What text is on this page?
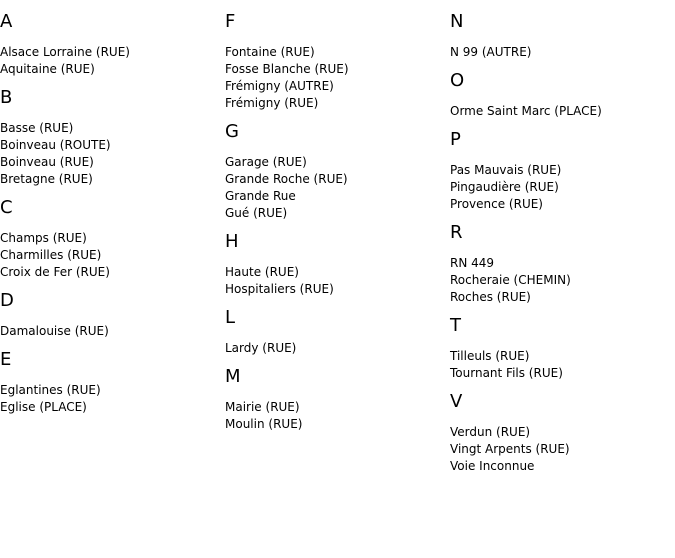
A
Alsace Lorraine (RUE)
Aquitaine (RUE)
B
Basse (RUE)
Boinveau (ROUTE)
Boinveau (RUE)
Bretagne (RUE)
C
Champs (RUE)
Charmilles (RUE)
Croix de Fer (RUE)
D
Damalouise (RUE)
E
Eglantines (RUE)
Eglise (PLACE)
F
Fontaine (RUE)
Fosse Blanche (RUE)
Frémigny (AUTRE)
Frémigny (RUE)
G
Garage (RUE)
Grande Roche (RUE)
Grande Rue
Gué (RUE)
H
Haute (RUE)
Hospitaliers (RUE)
L
Lardy (RUE)
M
Mairie (RUE)
Moulin (RUE)
N
N 99 (AUTRE)
O
Orme Saint Marc (PLACE)
P
Pas Mauvais (RUE)
Pingaudière (RUE)
Provence (RUE)
R
RN 449
Rocheraie (CHEMIN)
Roches (RUE)
T
Tilleuls (RUE)
Tournant Fils (RUE)
V
Verdun (RUE)
Vingt Arpents (RUE)
Voie Inconnue
